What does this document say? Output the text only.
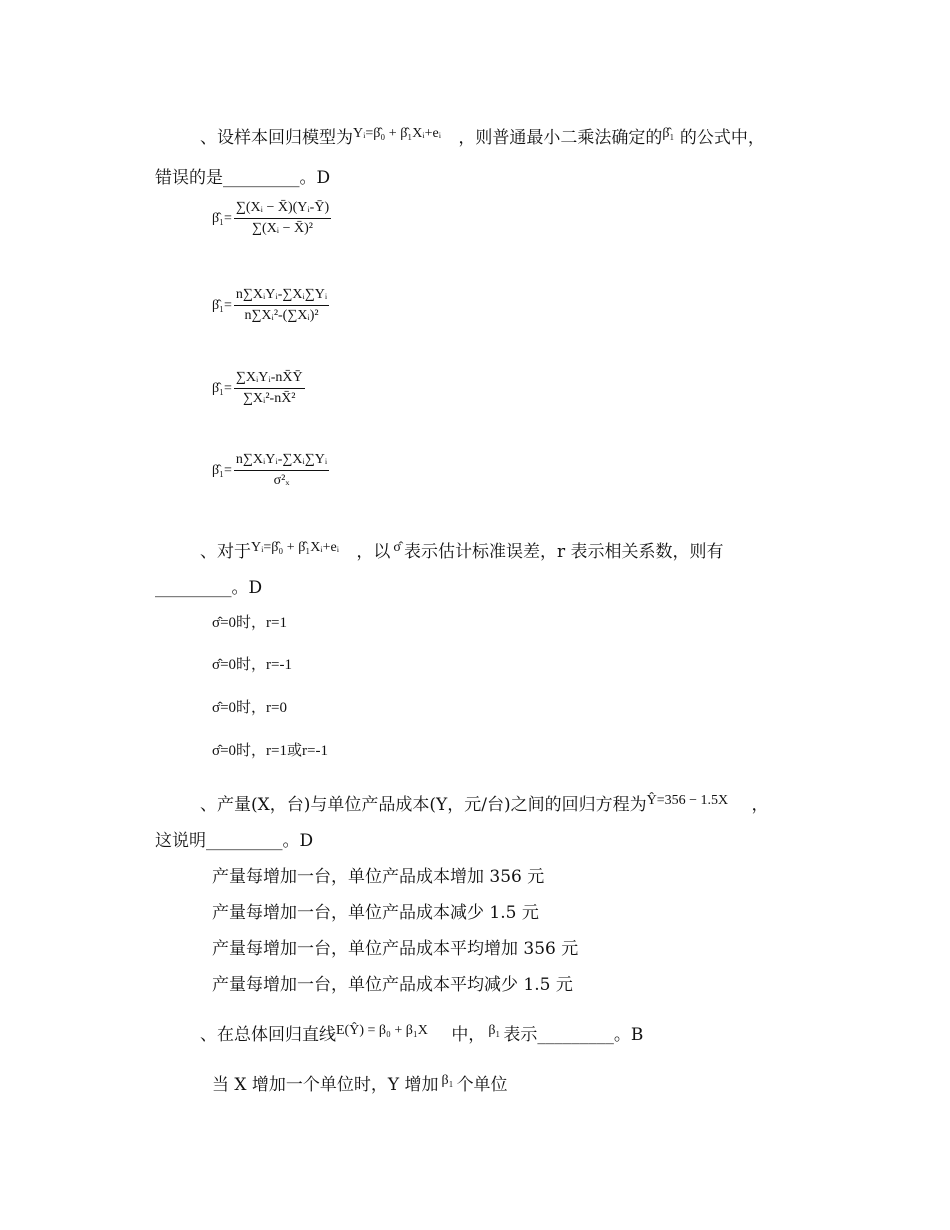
、设样本回归模型为$^{Yᵢ=\betâ_0 + \betâ_1Xᵢ+eᵢ}$ ，则普通最小二乘法确定的$^{\betâ_1}$ 的公式中，
错误的是_________。D
β̂₁= $\frac{\text{∑(Xᵢ − X̄)(Yᵢ-Ȳ)}}{\text{∑(Xᵢ − X̄)²}}$
β̂₁= $\frac{\text{n∑XᵢYᵢ-∑Xᵢ∑Yᵢ}}{\text{n∑Xᵢ²-(∑Xᵢ)²}}$
β̂₁= $\frac{\text{∑XᵢYᵢ-nX̄Ȳ}}{\text{∑Xᵢ²-nX̄²}}$
β̂₁= $\frac{\text{n∑XᵢYᵢ-∑Xᵢ∑Yᵢ}}{\text{σ²ₓ}}$
、对于$^{Yᵢ=\betâ_0 + \betâ_1Xᵢ+eᵢ}$ ，以 $^{\sigmâ}$ 表示估计标准误差，r 表示相关系数，则有
_________。D
σ̂=0时，r=1
σ̂=0时，r=-1
σ̂=0时，r=0
σ̂=0时，r=1或r=-1
、产量(X，台)与单位产品成本(Y，元/台)之间的回归方程为$^{Ŷ=356 - 1.5X}$ ，
这说明_________。D
产量每增加一台，单位产品成本增加 356 元
产量每增加一台，单位产品成本减少 1.5 元
产量每增加一台，单位产品成本平均增加 356 元
产量每增加一台，单位产品成本平均减少 1.5 元
、在总体回归直线$^{E(Ŷ) = \beta_0 + \beta_1X}$ 中， $^{\beta_1}$ 表示_________。B
当 X 增加一个单位时，Y 增加 $^{\beta_1}$ 个单位
